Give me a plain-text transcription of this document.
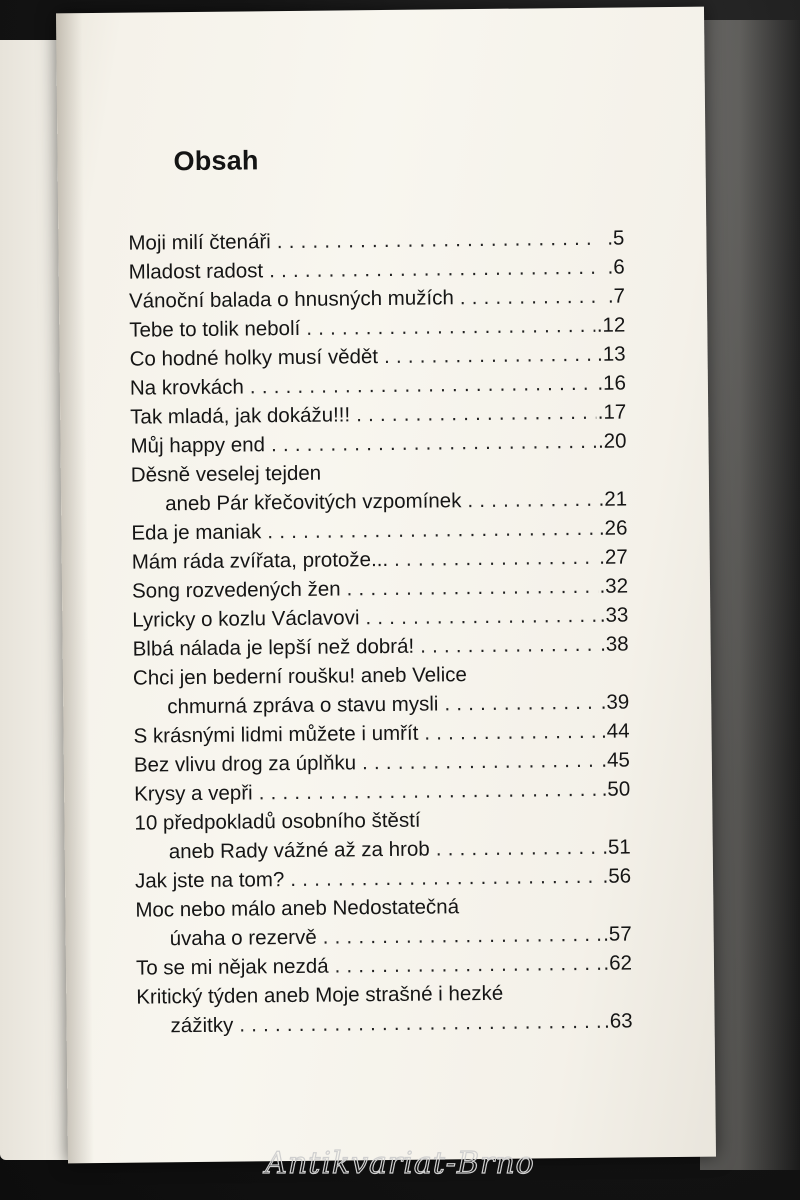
Obsah
Moji milí čtenáři . . .	.5
Mladost radost . . .	.6
Vánoční balada o hnusných mužích . . .	.7
Tebe to tolik nebolí . . .	.12
Co hodné holky musí vědět . . .	.13
Na krovkách . . .	.16
Tak mladá, jak dokážu!!! . . .	.17
Můj happy end . . .	.20
Děsně veselej tejden
aneb Pár křečovitých vzpomínek . . .	.21
Eda je maniak . . .	.26
Mám ráda zvířata, protože... . . .	.27
Song rozvedených žen . . .	.32
Lyricky o kozlu Václavovi . . .	.33
Blbá nálada je lepší než dobrá! . . .	.38
Chci jen bederní roušku! aneb Velice
chmurná zpráva o stavu mysli . . .	.39
S krásnými lidmi můžete i umřít . . .	.44
Bez vlivu drog za úplňku . . .	.45
Krysy a vepři . . .	.50
10 předpokladů osobního štěstí
aneb Rady vážné až za hrob . . .	.51
Jak jste na tom? . . .	.56
Moc nebo málo aneb Nedostatečná
úvaha o rezervě . . .	.57
To se mi nějak nezdá . . .	.62
Kritický týden aneb Moje strašné i hezké
zážitky . . .	.63
Antikvariat-Brno
